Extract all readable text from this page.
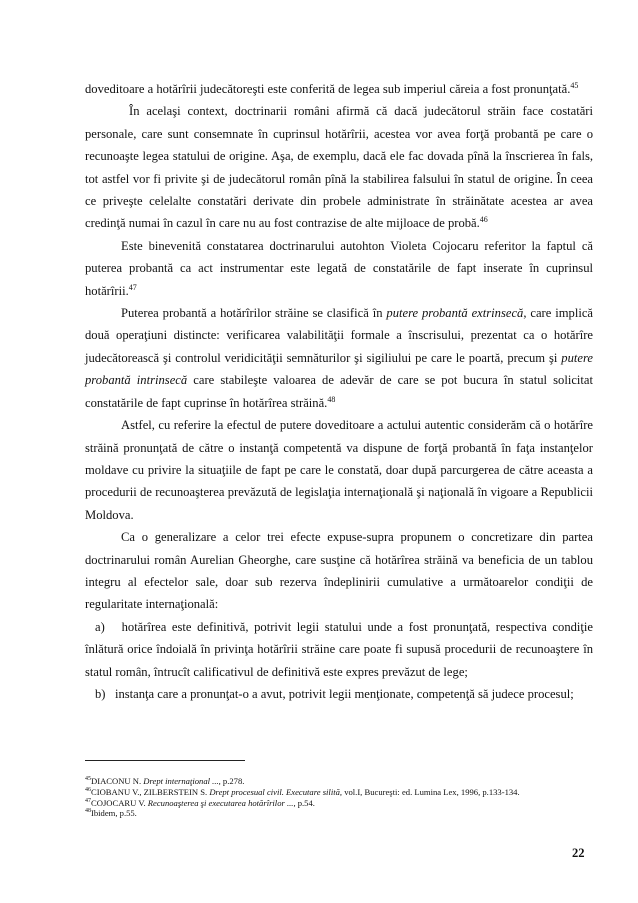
doveditoare a hotărîrii judecătoreşti este conferită de legea sub imperiul căreia a fost pronunţată.$^{45}$

În acelaşi context, doctrinarii români afirmă că dacă judecătorul străin face costatări personale, care sunt consemnate în cuprinsul hotărîrii, acestea vor avea forţă probantă pe care o recunoaşte legea statului de origine. Aşa, de exemplu, dacă ele fac dovada pînă la înscrierea în fals, tot astfel vor fi privite şi de judecătorul român pînă la stabilirea falsului în statul de origine. În ceea ce priveşte celelalte constatări derivate din probele administrate în străinătate acestea ar avea credinţă numai în cazul în care nu au fost contrazise de alte mijloace de probă.$^{46}$

Este binevenită constatarea doctrinarului autohton Violeta Cojocaru referitor la faptul că puterea probantă ca act instrumentar este legată de constatările de fapt inserate în cuprinsul hotărîrii.$^{47}$

Puterea probantă a hotărîrilor străine se clasifică în putere probantă extrinsecă, care implică două operaţiuni distincte: verificarea valabilităţii formale a înscrisului, prezentat ca o hotărîre judecătorească şi controlul veridicităţii semnăturilor şi sigiliului pe care le poartă, precum şi putere probantă intrinsecă care stabileşte valoarea de adevăr de care se pot bucura în statul solicitat constatările de fapt cuprinse în hotărîrea străină.$^{48}$

Astfel, cu referire la efectul de putere doveditoare a actului autentic considerăm că o hotărîre străină pronunţată de către o instanţă competentă va dispune de forţă probantă în faţa instanţelor moldave cu privire la situaţiile de fapt pe care le constată, doar după parcurgerea de către aceasta a procedurii de recunoaşterea prevăzută de legislaţia internaţională şi naţională în vigoare a Republicii Moldova.

Ca o generalizare a celor trei efecte expuse-supra propunem o concretizare din partea doctrinarului român Aurelian Gheorghe, care susţine că hotărîrea străină va beneficia de un tablou integru al efectelor sale, doar sub rezerva îndeplinirii cumulative a următoarelor condiţii de regularitate internaţională:

a) hotărîrea este definitivă, potrivit legii statului unde a fost pronunţată, respectiva condiţie înlătură orice îndoială în privinţa hotărîrii străine care poate fi supusă procedurii de recunoaştere în statul român, întrucît calificativul de definitivă este expres prevăzut de lege;

b) instanţa care a pronunţat-o a avut, potrivit legii menţionate, competenţă să judece procesul;

$^{45}$DIACONU N. Drept internaţional ..., p.278.
$^{46}$CIOBANU V., ZILBERSTEIN S. Drept procesual civil. Executare silită, vol.I, Bucureşti: ed. Lumina Lex, 1996, p.133-134.
$^{47}$COJOCARU V. Recunoaşterea şi executarea hotărîrilor ..., p.54.
$^{48}$Ibidem, p.55.
22
